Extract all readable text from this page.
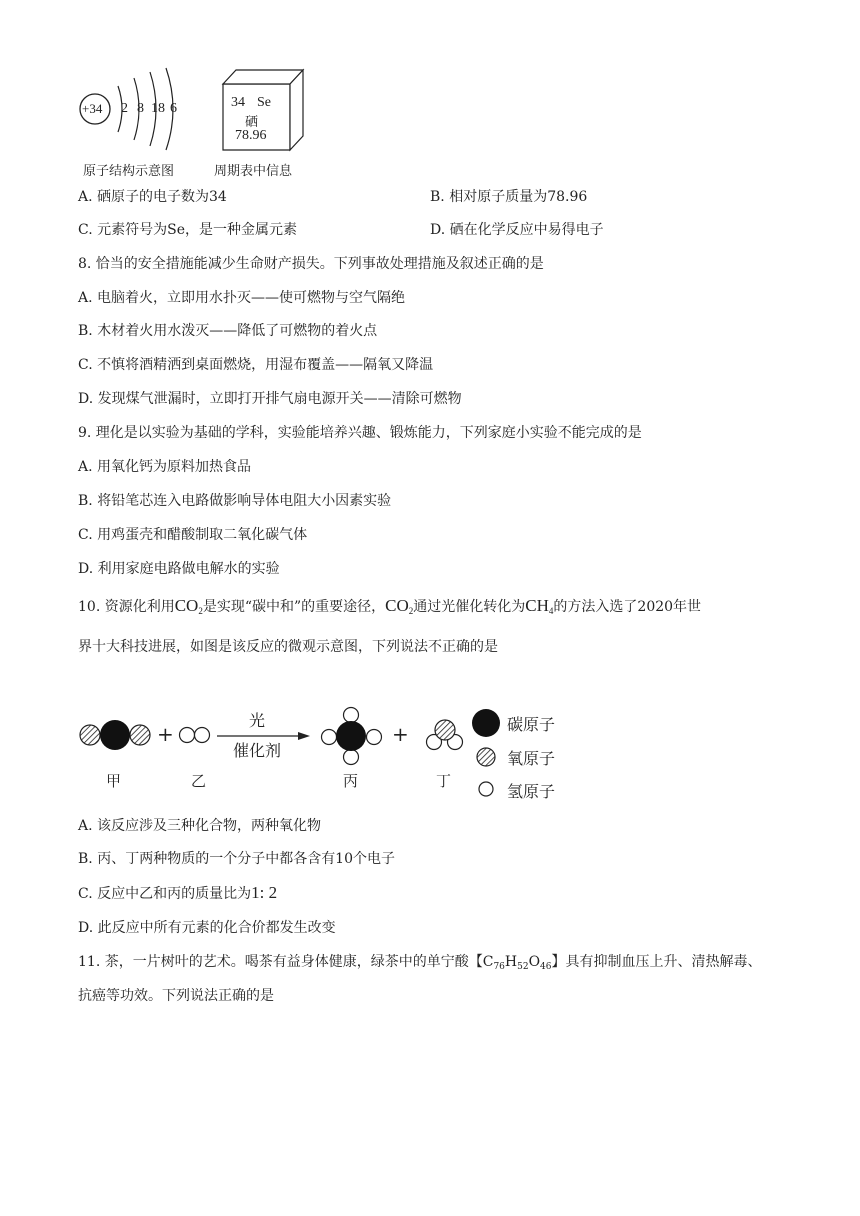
+34 2 8 18 6	34 Se
硒
78.96
原子结构示意图	周期表中信息
A. 硒原子的电子数为34	B. 相对原子质量为78.96
C. 元素符号为Se，是一种金属元素	D. 硒在化学反应中易得电子
8. 恰当的安全措施能减少生命财产损失。下列事故处理措施及叙述正确的是
A. 电脑着火，立即用水扑灭——使可燃物与空气隔绝
B. 木材着火用水泼灭——降低了可燃物的着火点
C. 不慎将酒精洒到桌面燃烧，用湿布覆盖——隔氧又降温
D. 发现煤气泄漏时，立即打开排气扇电源开关——清除可燃物
9. 理化是以实验为基础的学科，实验能培养兴趣、锻炼能力，下列家庭小实验不能完成的是
A. 用氧化钙为原料加热食品
B. 将铅笔芯连入电路做影响导体电阻大小因素实验
C. 用鸡蛋壳和醋酸制取二氧化碳气体
D. 利用家庭电路做电解水的实验
10. 资源化利用$CO_2$是实现“碳中和”的重要途径，$CO_2$通过光催化转化为$CH_4$的方法入选了2020年世
界十大科技进展，如图是该反应的微观示意图，下列说法不正确的是
+	+
光
催化剂
甲	乙	丙	丁
碳原子
氧原子
氢原子
A. 该反应涉及三种化合物，两种氧化物
B. 丙、丁两种物质的一个分子中都各含有10个电子
C. 反应中乙和丙的质量比为1: 2
D. 此反应中所有元素的化合价都发生改变
11. 茶，一片树叶的艺术。喝茶有益身体健康，绿茶中的单宁酸【$C_{76}H_{52}O_{46}$】具有抑制血压上升、清热解毒、
抗癌等功效。下列说法正确的是
